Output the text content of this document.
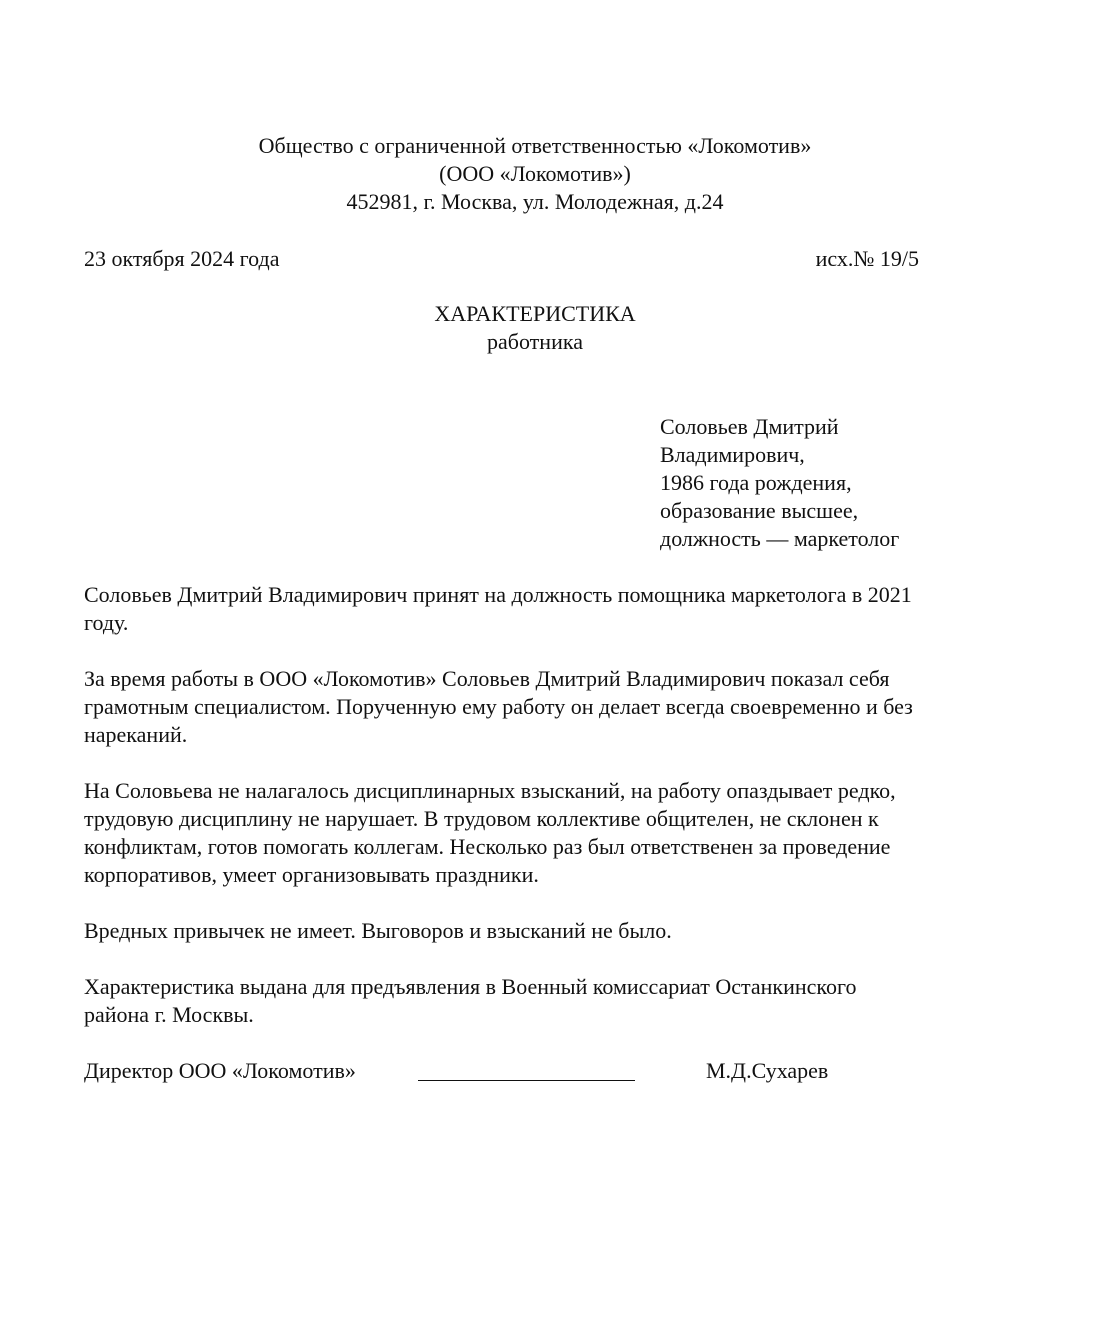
Общество с ограниченной ответственностью «Локомотив»
(ООО «Локомотив»)
452981, г. Москва, ул. Молодежная, д.24
23 октября 2024 года	исх.№ 19/5
ХАРАКТЕРИСТИКА
работника
Соловьев Дмитрий
Владимирович,
1986 года рождения,
образование высшее,
должность — маркетолог
Соловьев Дмитрий Владимирович принят на должность помощника маркетолога в 2021
году.
За время работы в ООО «Локомотив» Соловьев Дмитрий Владимирович показал себя
грамотным специалистом. Порученную ему работу он делает всегда своевременно и без
нареканий.
На Соловьева не налагалось дисциплинарных взысканий, на работу опаздывает редко,
трудовую дисциплину не нарушает. В трудовом коллективе общителен, не склонен к
конфликтам, готов помогать коллегам. Несколько раз был ответственен за проведение
корпоративов, умеет организовывать праздники.
Вредных привычек не имеет. Выговоров и взысканий не было.
Характеристика выдана для предъявления в Военный комиссариат Останкинского
района г. Москвы.
Директор ООО «Локомотив»	М.Д.Сухарев
